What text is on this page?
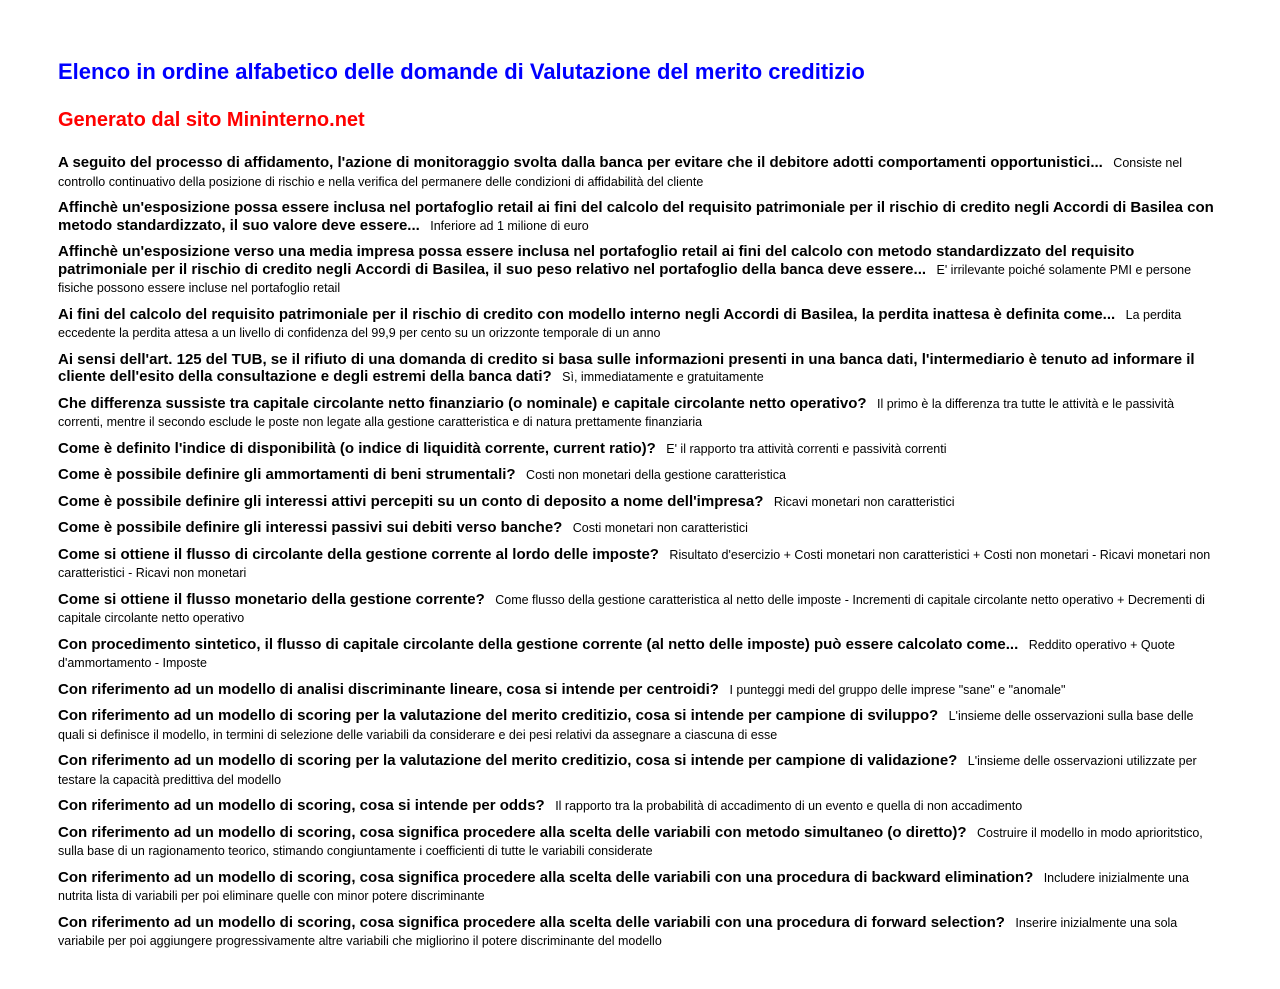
Elenco in ordine alfabetico delle domande di Valutazione del merito creditizio
Generato dal sito Mininterno.net

A seguito del processo di affidamento, l'azione di monitoraggio svolta dalla banca per evitare che il debitore adotti comportamenti opportunistici... Consiste nel controllo continuativo della posizione di rischio e nella verifica del permanere delle condizioni di affidabilità del cliente

Affinchè un'esposizione possa essere inclusa nel portafoglio retail ai fini del calcolo del requisito patrimoniale per il rischio di credito negli Accordi di Basilea con metodo standardizzato, il suo valore deve essere... Inferiore ad 1 milione di euro

Affinchè un'esposizione verso una media impresa possa essere inclusa nel portafoglio retail ai fini del calcolo con metodo standardizzato del requisito patrimoniale per il rischio di credito negli Accordi di Basilea, il suo peso relativo nel portafoglio della banca deve essere... E' irrilevante poiché solamente PMI e persone fisiche possono essere incluse nel portafoglio retail

Ai fini del calcolo del requisito patrimoniale per il rischio di credito con modello interno negli Accordi di Basilea, la perdita inattesa è definita come... La perdita eccedente la perdita attesa a un livello di confidenza del 99,9 per cento su un orizzonte temporale di un anno

Ai sensi dell'art. 125 del TUB, se il rifiuto di una domanda di credito si basa sulle informazioni presenti in una banca dati, l'intermediario è tenuto ad informare il cliente dell'esito della consultazione e degli estremi della banca dati? Sì, immediatamente e gratuitamente

Che differenza sussiste tra capitale circolante netto finanziario (o nominale) e capitale circolante netto operativo? Il primo è la differenza tra tutte le attività e le passività correnti, mentre il secondo esclude le poste non legate alla gestione caratteristica e di natura prettamente finanziaria

Come è definito l'indice di disponibilità (o indice di liquidità corrente, current ratio)? E' il rapporto tra attività correnti e passività correnti

Come è possibile definire gli ammortamenti di beni strumentali? Costi non monetari della gestione caratteristica

Come è possibile definire gli interessi attivi percepiti su un conto di deposito a nome dell'impresa? Ricavi monetari non caratteristici

Come è possibile definire gli interessi passivi sui debiti verso banche? Costi monetari non caratteristici

Come si ottiene il flusso di circolante della gestione corrente al lordo delle imposte? Risultato d'esercizio + Costi monetari non caratteristici + Costi non monetari - Ricavi monetari non caratteristici - Ricavi non monetari

Come si ottiene il flusso monetario della gestione corrente? Come flusso della gestione caratteristica al netto delle imposte - Incrementi di capitale circolante netto operativo + Decrementi di capitale circolante netto operativo

Con procedimento sintetico, il flusso di capitale circolante della gestione corrente (al netto delle imposte) può essere calcolato come... Reddito operativo + Quote d'ammortamento - Imposte

Con riferimento ad un modello di analisi discriminante lineare, cosa si intende per centroidi? I punteggi medi del gruppo delle imprese "sane" e "anomale"

Con riferimento ad un modello di scoring per la valutazione del merito creditizio, cosa si intende per campione di sviluppo? L'insieme delle osservazioni sulla base delle quali si definisce il modello, in termini di selezione delle variabili da considerare e dei pesi relativi da assegnare a ciascuna di esse

Con riferimento ad un modello di scoring per la valutazione del merito creditizio, cosa si intende per campione di validazione? L'insieme delle osservazioni utilizzate per testare la capacità predittiva del modello

Con riferimento ad un modello di scoring, cosa si intende per odds? Il rapporto tra la probabilità di accadimento di un evento e quella di non accadimento

Con riferimento ad un modello di scoring, cosa significa procedere alla scelta delle variabili con metodo simultaneo (o diretto)? Costruire il modello in modo aprioritstico, sulla base di un ragionamento teorico, stimando congiuntamente i coefficienti di tutte le variabili considerate

Con riferimento ad un modello di scoring, cosa significa procedere alla scelta delle variabili con una procedura di backward elimination? Includere inizialmente una nutrita lista di variabili per poi eliminare quelle con minor potere discriminante

Con riferimento ad un modello di scoring, cosa significa procedere alla scelta delle variabili con una procedura di forward selection? Inserire inizialmente una sola variabile per poi aggiungere progressivamente altre variabili che migliorino il potere discriminante del modello
